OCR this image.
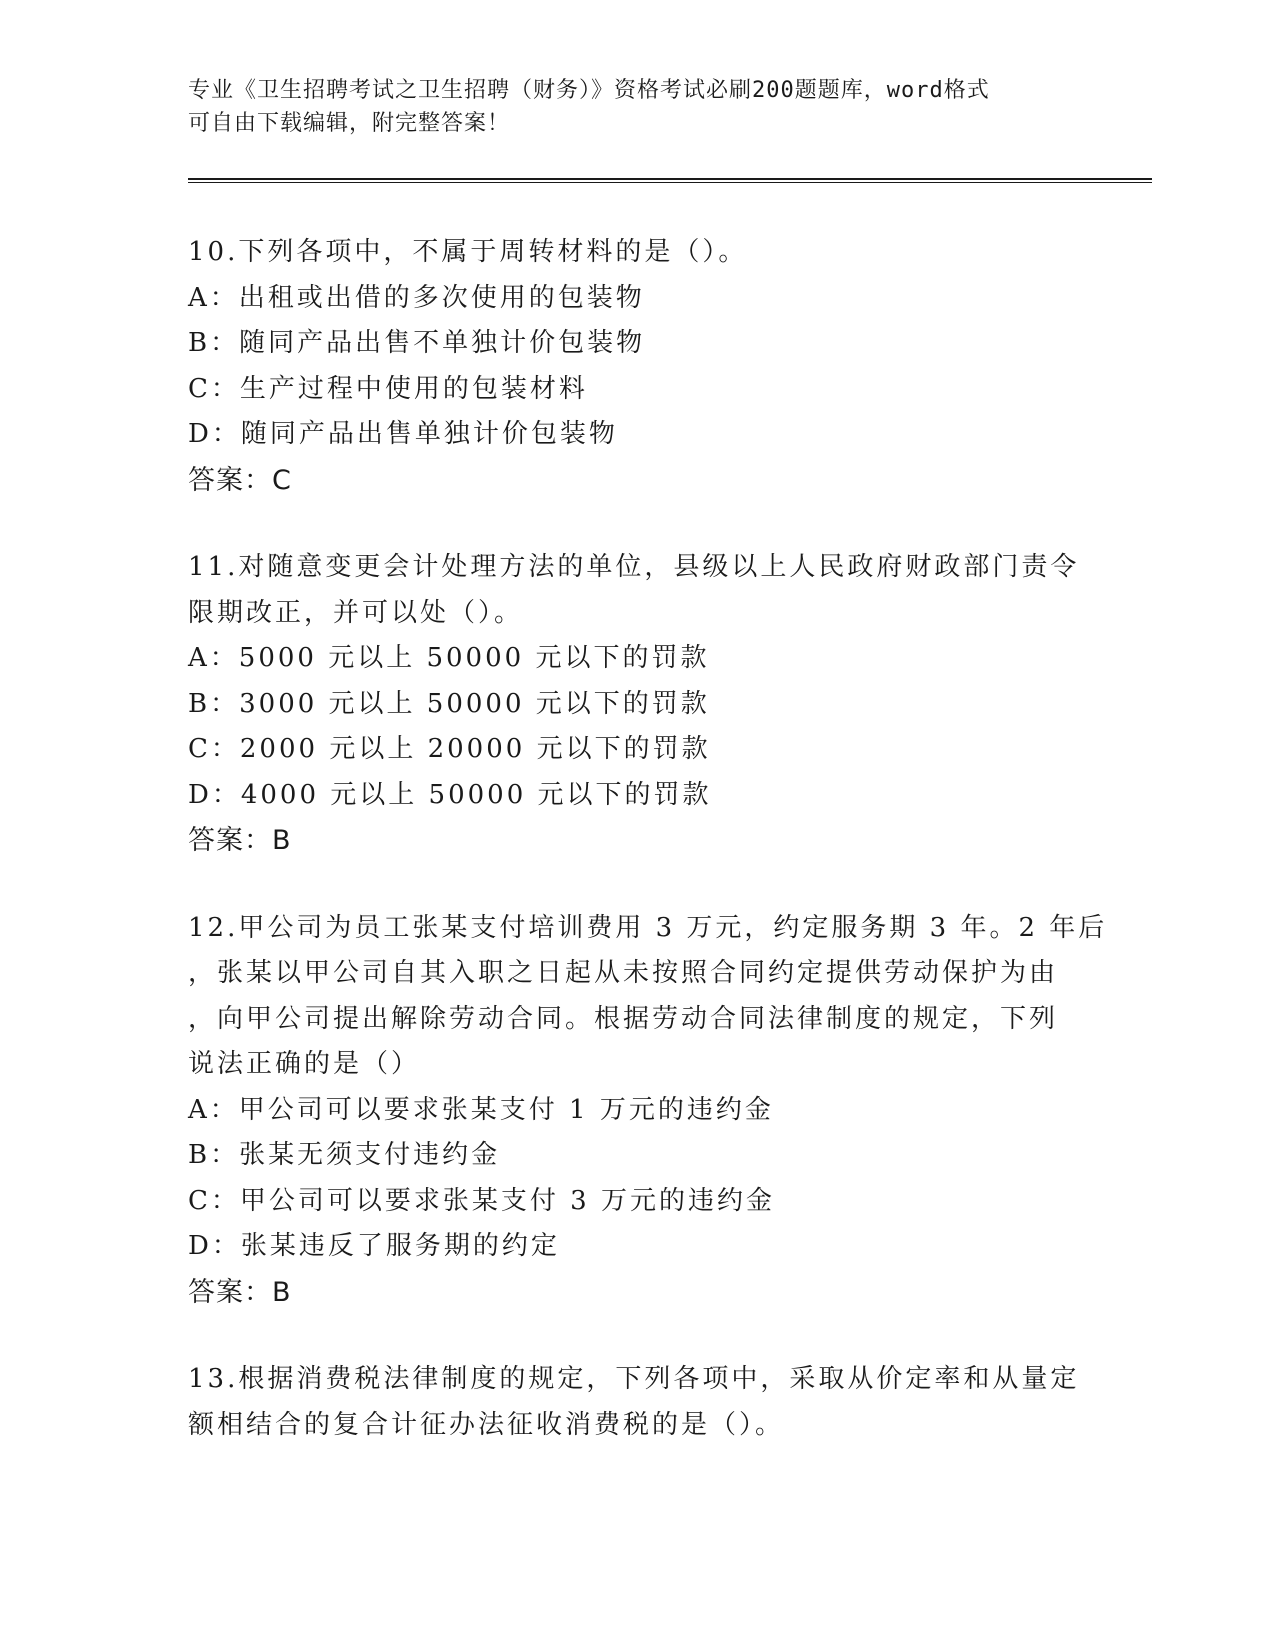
专业《卫生招聘考试之卫生招聘（财务）》资格考试必刷200题题库，word格式
可自由下载编辑，附完整答案！
10.下列各项中，不属于周转材料的是（）。
A：出租或出借的多次使用的包装物
B：随同产品出售不单独计价包装物
C：生产过程中使用的包装材料
D：随同产品出售单独计价包装物
答案：C
11.对随意变更会计处理方法的单位，县级以上人民政府财政部门责令
限期改正，并可以处（）。
A：5000 元以上 50000 元以下的罚款
B：3000 元以上 50000 元以下的罚款
C：2000 元以上 20000 元以下的罚款
D：4000 元以上 50000 元以下的罚款
答案：B
12.甲公司为员工张某支付培训费用 3 万元，约定服务期 3 年。2 年后
，张某以甲公司自其入职之日起从未按照合同约定提供劳动保护为由
，向甲公司提出解除劳动合同。根据劳动合同法律制度的规定，下列
说法正确的是（）
A：甲公司可以要求张某支付 1 万元的违约金
B：张某无须支付违约金
C：甲公司可以要求张某支付 3 万元的违约金
D：张某违反了服务期的约定
答案：B
13.根据消费税法律制度的规定，下列各项中，采取从价定率和从量定
额相结合的复合计征办法征收消费税的是（）。
